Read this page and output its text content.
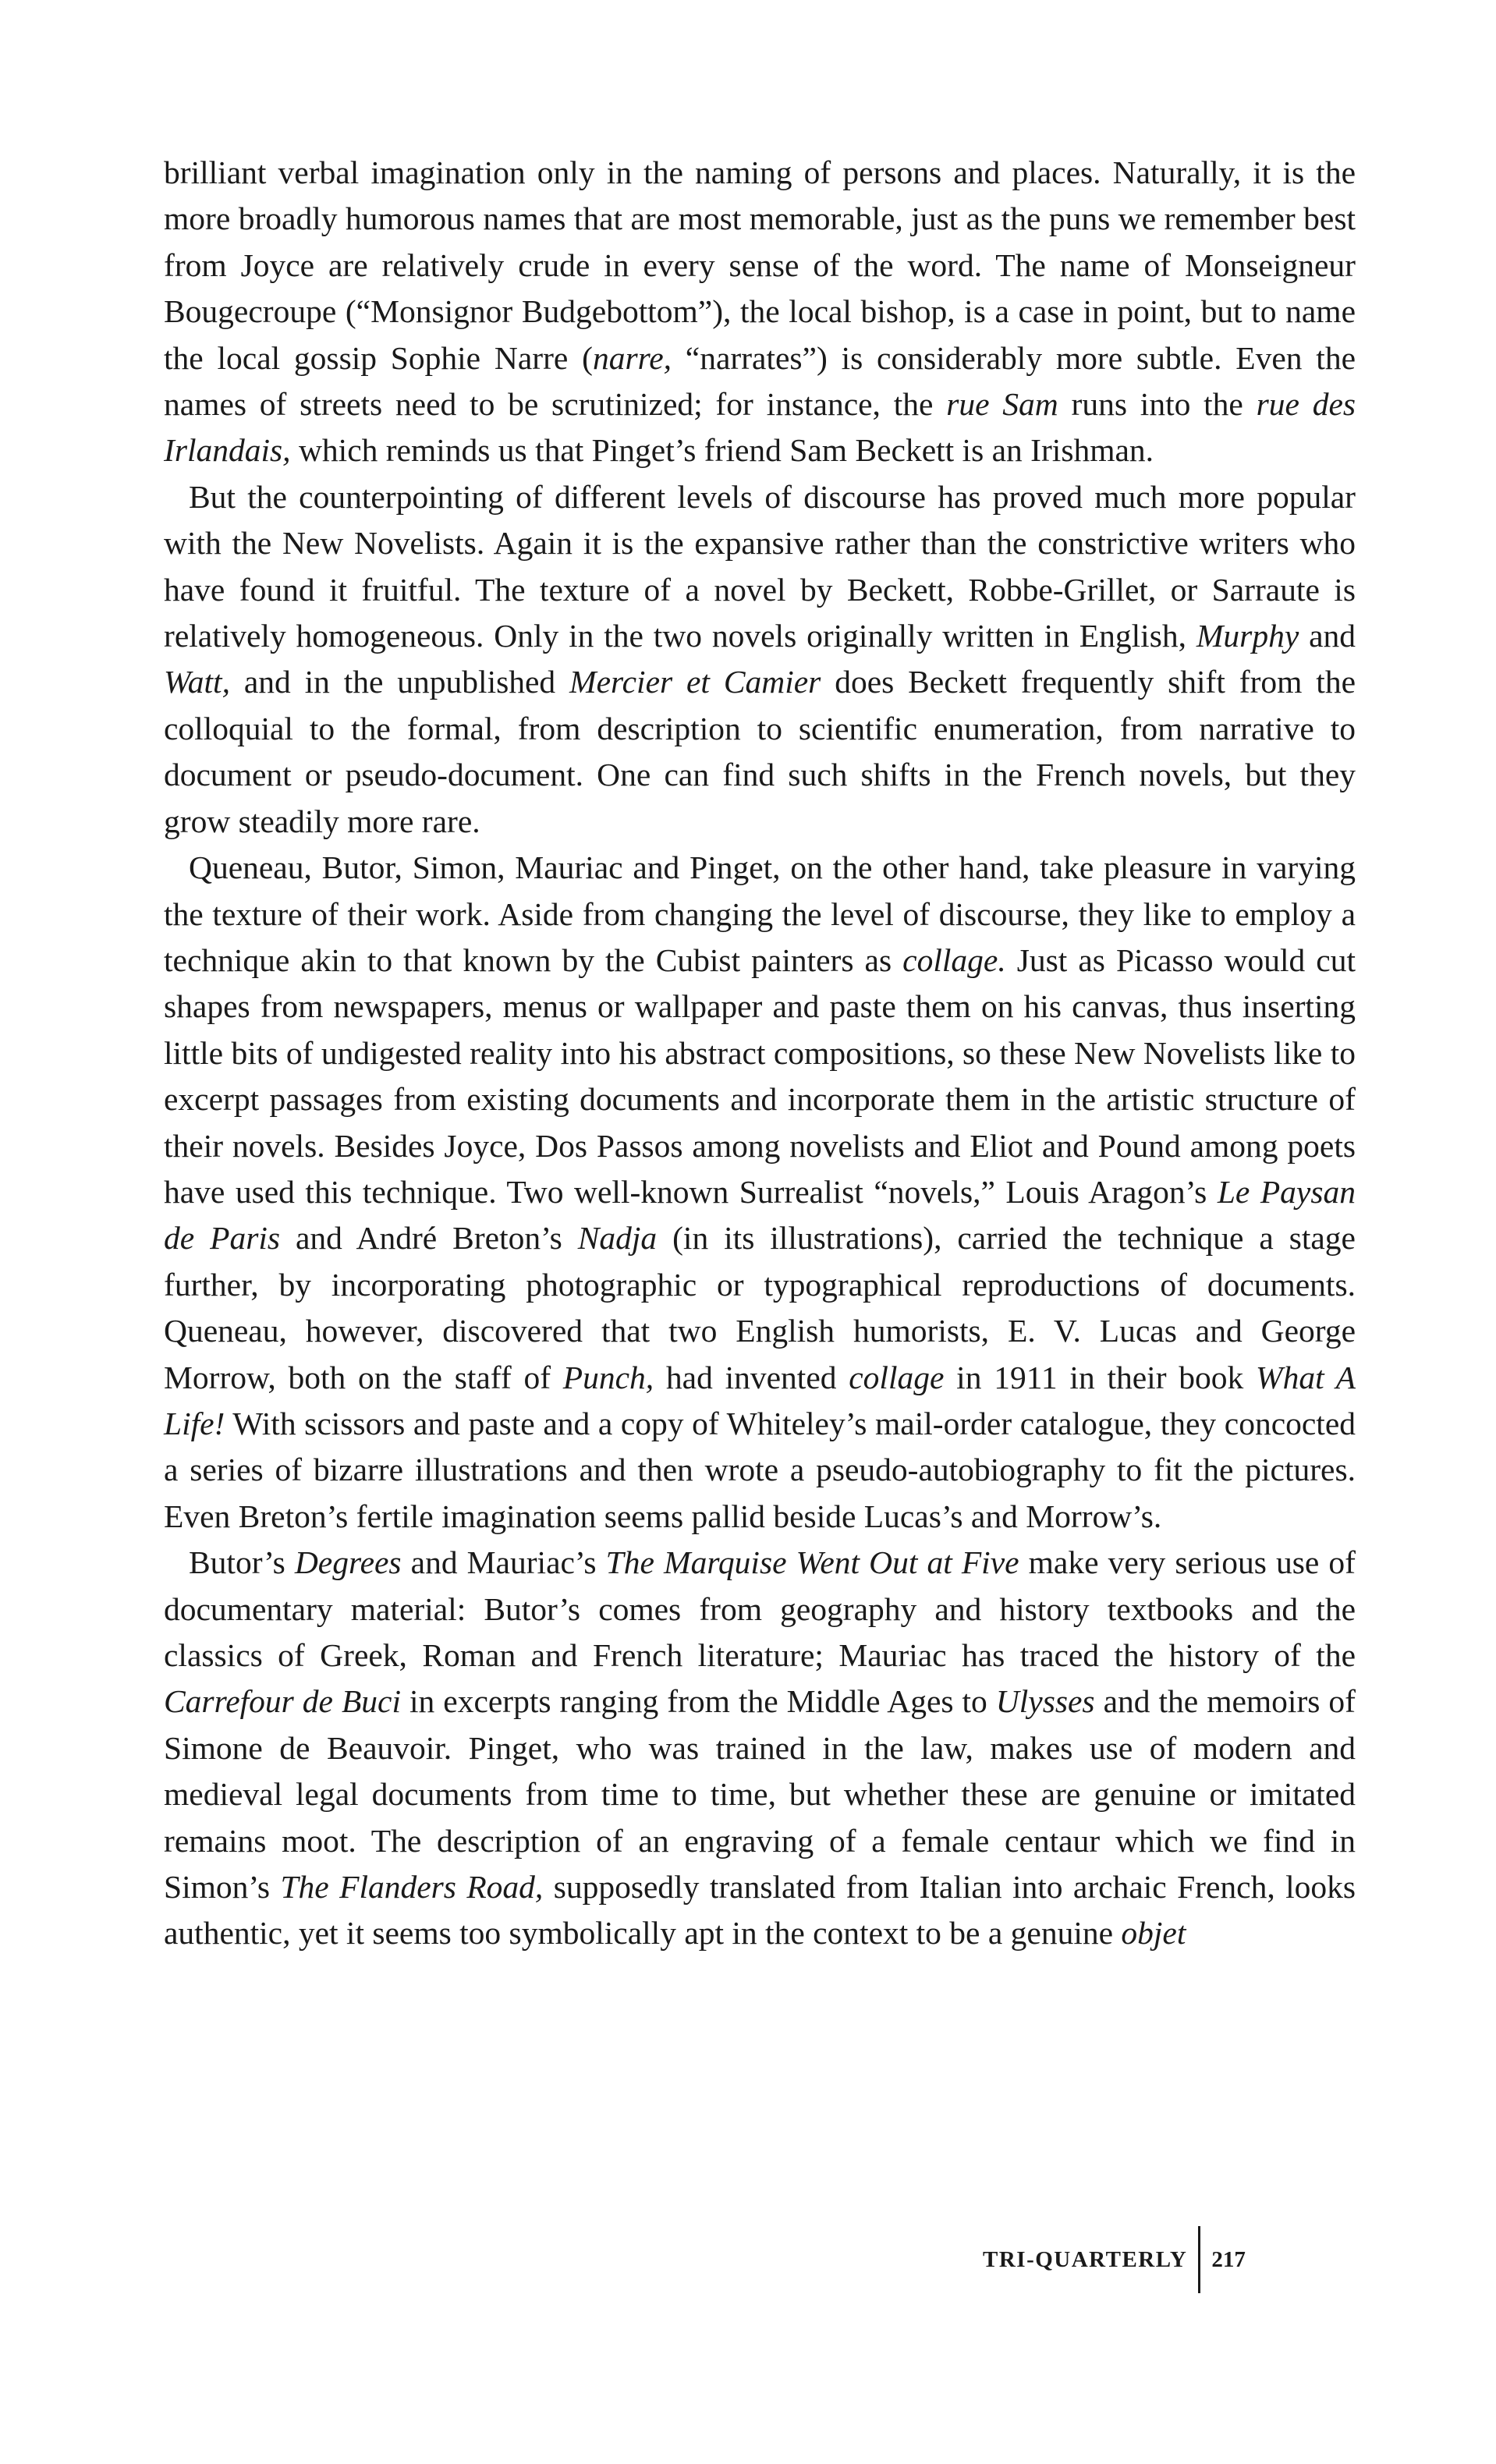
brilliant verbal imagination only in the naming of persons and places. Naturally, it is the more broadly humorous names that are most memorable, just as the puns we remember best from Joyce are relatively crude in every sense of the word. The name of Monseigneur Bougecroupe (“Monsignor Budgebottom”), the local bishop, is a case in point, but to name the local gossip Sophie Narre (narre, “narrates”) is considerably more subtle. Even the names of streets need to be scrutinized; for instance, the rue Sam runs into the rue des Irlandais, which reminds us that Pinget’s friend Sam Beckett is an Irishman.

But the counterpointing of different levels of discourse has proved much more popular with the New Novelists. Again it is the expansive rather than the constrictive writers who have found it fruitful. The texture of a novel by Beckett, Robbe-Grillet, or Sarraute is relatively homogeneous. Only in the two novels originally written in English, Murphy and Watt, and in the unpublished Mercier et Camier does Beckett frequently shift from the colloquial to the formal, from description to scientific enumeration, from narrative to document or pseudo-document. One can find such shifts in the French novels, but they grow steadily more rare.

Queneau, Butor, Simon, Mauriac and Pinget, on the other hand, take pleasure in varying the texture of their work. Aside from changing the level of discourse, they like to employ a technique akin to that known by the Cubist painters as collage. Just as Picasso would cut shapes from newspapers, menus or wallpaper and paste them on his canvas, thus inserting little bits of undigested reality into his abstract compositions, so these New Novelists like to excerpt passages from existing documents and incorporate them in the artistic structure of their novels. Besides Joyce, Dos Passos among novelists and Eliot and Pound among poets have used this technique. Two well-known Surrealist “novels,” Louis Aragon’s Le Paysan de Paris and André Breton’s Nadja (in its illustrations), carried the technique a stage further, by incorporating photographic or typographical reproductions of documents. Queneau, however, discovered that two English humorists, E. V. Lucas and George Morrow, both on the staff of Punch, had invented collage in 1911 in their book What A Life! With scissors and paste and a copy of Whiteley’s mail-order catalogue, they concocted a series of bizarre illustrations and then wrote a pseudo-autobiography to fit the pictures. Even Breton’s fertile imagination seems pallid beside Lucas’s and Morrow’s.

Butor’s Degrees and Mauriac’s The Marquise Went Out at Five make very serious use of documentary material: Butor’s comes from geography and history textbooks and the classics of Greek, Roman and French literature; Mauriac has traced the history of the Carrefour de Buci in excerpts ranging from the Middle Ages to Ulysses and the memoirs of Simone de Beauvoir. Pinget, who was trained in the law, makes use of modern and medieval legal documents from time to time, but whether these are genuine or imitated remains moot. The description of an engraving of a female centaur which we find in Simon’s The Flanders Road, supposedly translated from Italian into archaic French, looks authentic, yet it seems too symbolically apt in the context to be a genuine objet

TRI-QUARTERLY	217
